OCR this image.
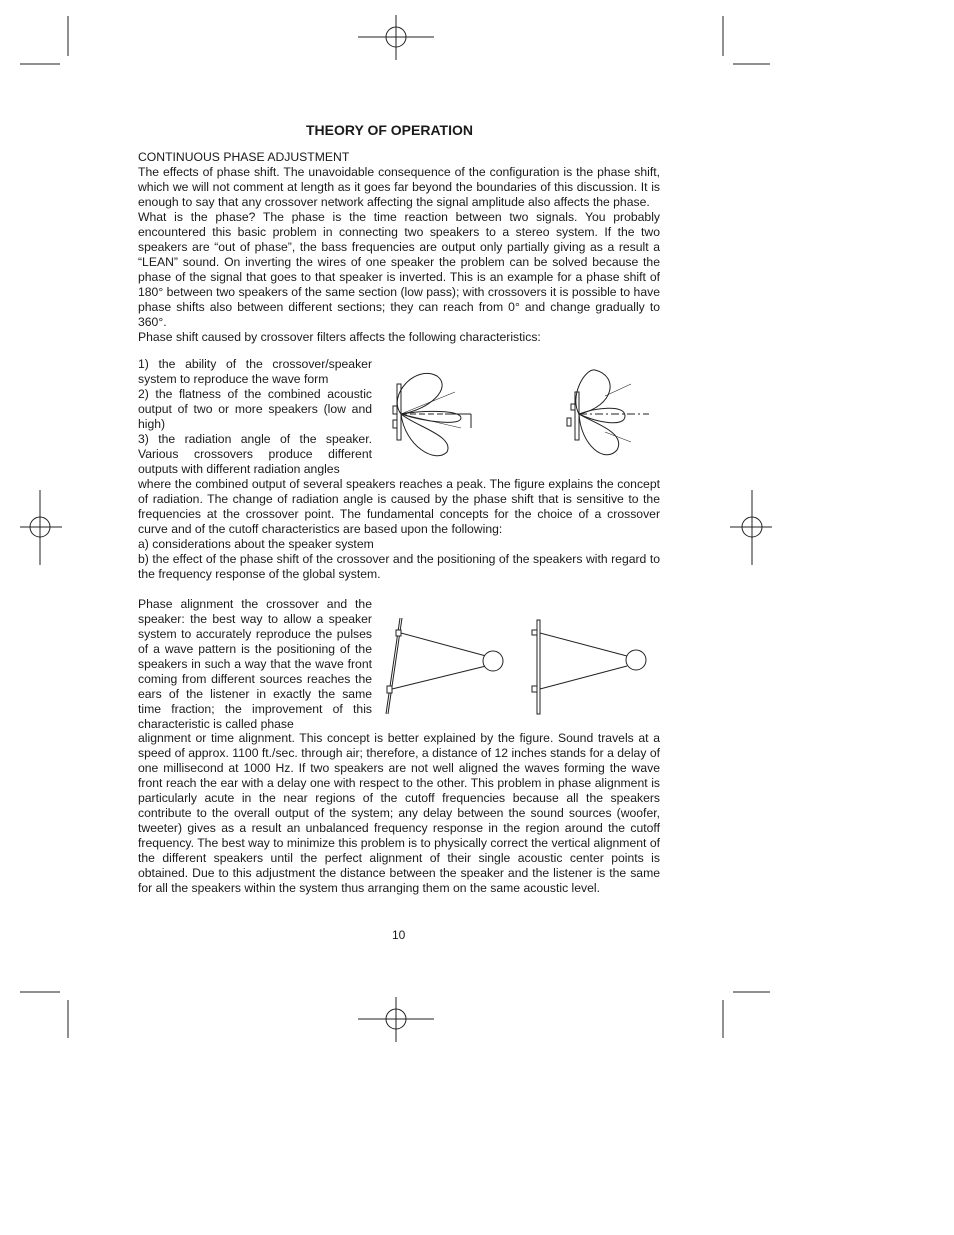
THEORY OF OPERATION

CONTINUOUS PHASE ADJUSTMENT

The effects of phase shift. The unavoidable consequence of the configuration is the phase shift, which we will not comment at length as it goes far beyond the boundaries of this discussion. It is enough to say that any crossover network affecting the signal amplitude also affects the phase.

What is the phase? The phase is the time reaction between two signals. You probably encountered this basic problem in connecting two speakers to a stereo system. If the two speakers are “out of phase”, the bass frequencies are output only partially giving as a result a “LEAN” sound. On inverting the wires of one speaker the problem can be solved because the phase of the signal that goes to that speaker is inverted. This is an example for a phase shift of 180° between two speakers of the same section (low pass); with crossovers it is possible to have phase shifts also between different sections; they can reach from 0° and change gradually to 360°.

Phase shift caused by crossover filters affects the following characteristics:

1) the ability of the crossover/speaker system to reproduce the wave form

2) the flatness of the combined acoustic output of two or more speakers (low and high)

3) the radiation angle of the speaker. Various crossovers produce different outputs with different radiation angles

where the combined output of several speakers reaches a peak. The figure explains the concept of radiation. The change of radiation angle is caused by the phase shift that is sensitive to the frequencies at the crossover point. The fundamental concepts for the choice of a crossover curve and of the cutoff characteristics are based upon the following:

a) considerations about the speaker system

b) the effect of the phase shift of the crossover and the positioning of the speakers with regard to the frequency response of the global system.

Phase alignment the crossover and the speaker: the best way to allow a speaker system to accurately reproduce the pulses of a wave pattern is the positioning of the speakers in such a way that the wave front coming from different sources reaches the ears of the listener in exactly the same time fraction; the improvement of this characteristic is called phase

alignment or time alignment. This concept is better explained by the figure. Sound travels at a speed of approx. 1100 ft./sec. through air; therefore, a distance of 12 inches stands for a delay of one millisecond at 1000 Hz. If two speakers are not well aligned the waves forming the wave front reach the ear with a delay one with respect to the other. This problem in phase alignment is particularly acute in the near regions of the cutoff frequencies because all the speakers contribute to the overall output of the system; any delay between the sound sources (woofer, tweeter) gives as a result an unbalanced frequency response in the region around the cutoff frequency. The best way to minimize this problem is to physically correct the vertical alignment of the different speakers until the perfect alignment of their single acoustic center points is obtained. Due to this adjustment the distance between the speaker and the listener is the same for all the speakers within the system thus arranging them on the same acoustic level.

10
